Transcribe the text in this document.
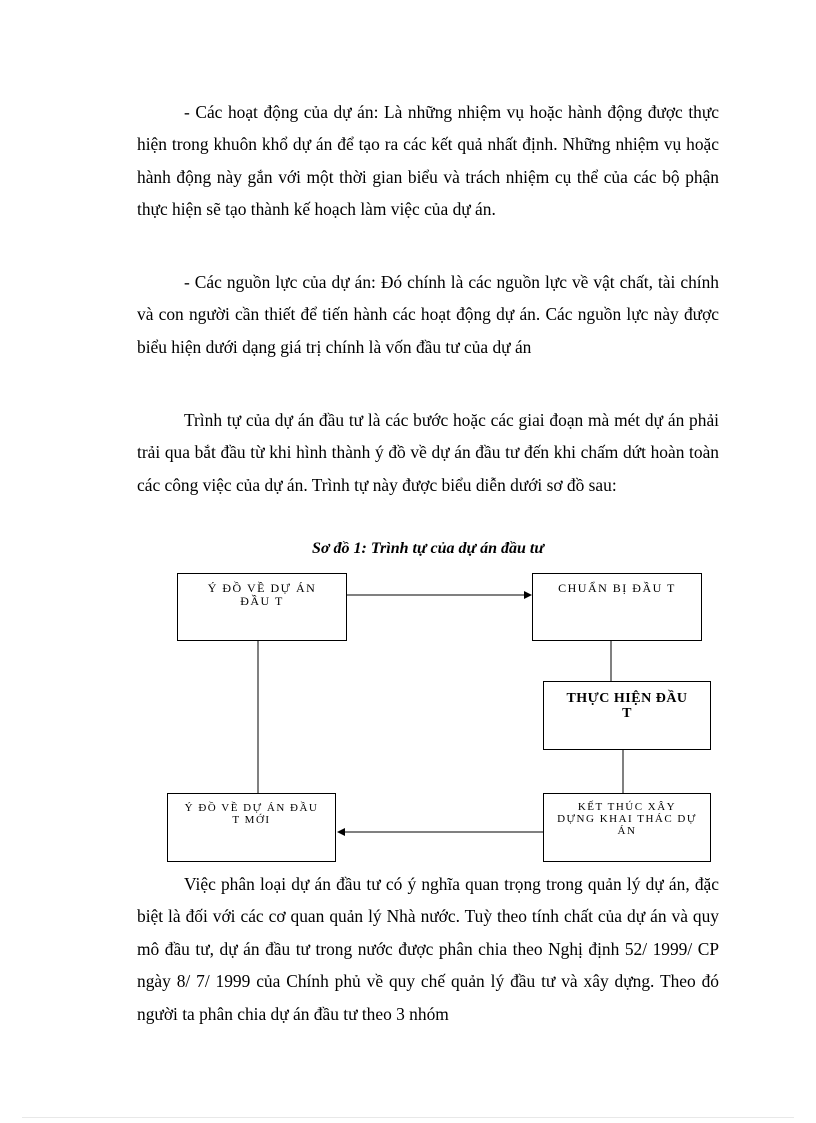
- Các hoạt động của dự án: Là những nhiệm vụ hoặc hành động được thực hiện trong khuôn khổ dự án để tạo ra các kết quả nhất định. Những nhiệm vụ hoặc hành động này gắn với một thời gian biểu và trách nhiệm cụ thể của các bộ phận thực hiện sẽ tạo thành kế hoạch làm việc của dự án.

- Các nguồn lực của dự án: Đó chính là các nguồn lực về vật chất, tài chính và con người cần thiết để tiến hành các hoạt động dự án. Các nguồn lực này được biểu hiện dưới dạng giá trị chính là vốn đầu tư của dự án

Trình tự của dự án đầu tư là các bước hoặc các giai đoạn mà mét dự án phải trải qua bắt đầu từ khi hình thành ý đồ về dự án đầu tư đến khi chấm dứt hoàn toàn các công việc của dự án. Trình tự này được biểu diễn dưới sơ đồ sau:

Sơ đồ 1: Trình tự của dự án đầu tư
Ý ĐỒ VỀ DỰ ÁN
ĐẦU T
CHUẨN BỊ ĐẦU T
THỰC HIỆN ĐẦU
T
KẾT THÚC XÂY
DỰNG KHAI THÁC DỰ
ÁN
Ý ĐỒ VỀ DỰ ÁN ĐẦU
T MỚI

Việc phân loại dự án đầu tư có ý nghĩa quan trọng trong quản lý dự án, đặc biệt là đối với các cơ quan quản lý Nhà nước. Tuỳ theo tính chất của dự án và quy mô đầu tư, dự án đầu tư trong nước được phân chia theo Nghị định 52/ 1999/ CP ngày 8/ 7/ 1999 của Chính phủ về quy chế quản lý đầu tư và xây dựng. Theo đó người ta phân chia dự án đầu tư theo 3 nhóm
